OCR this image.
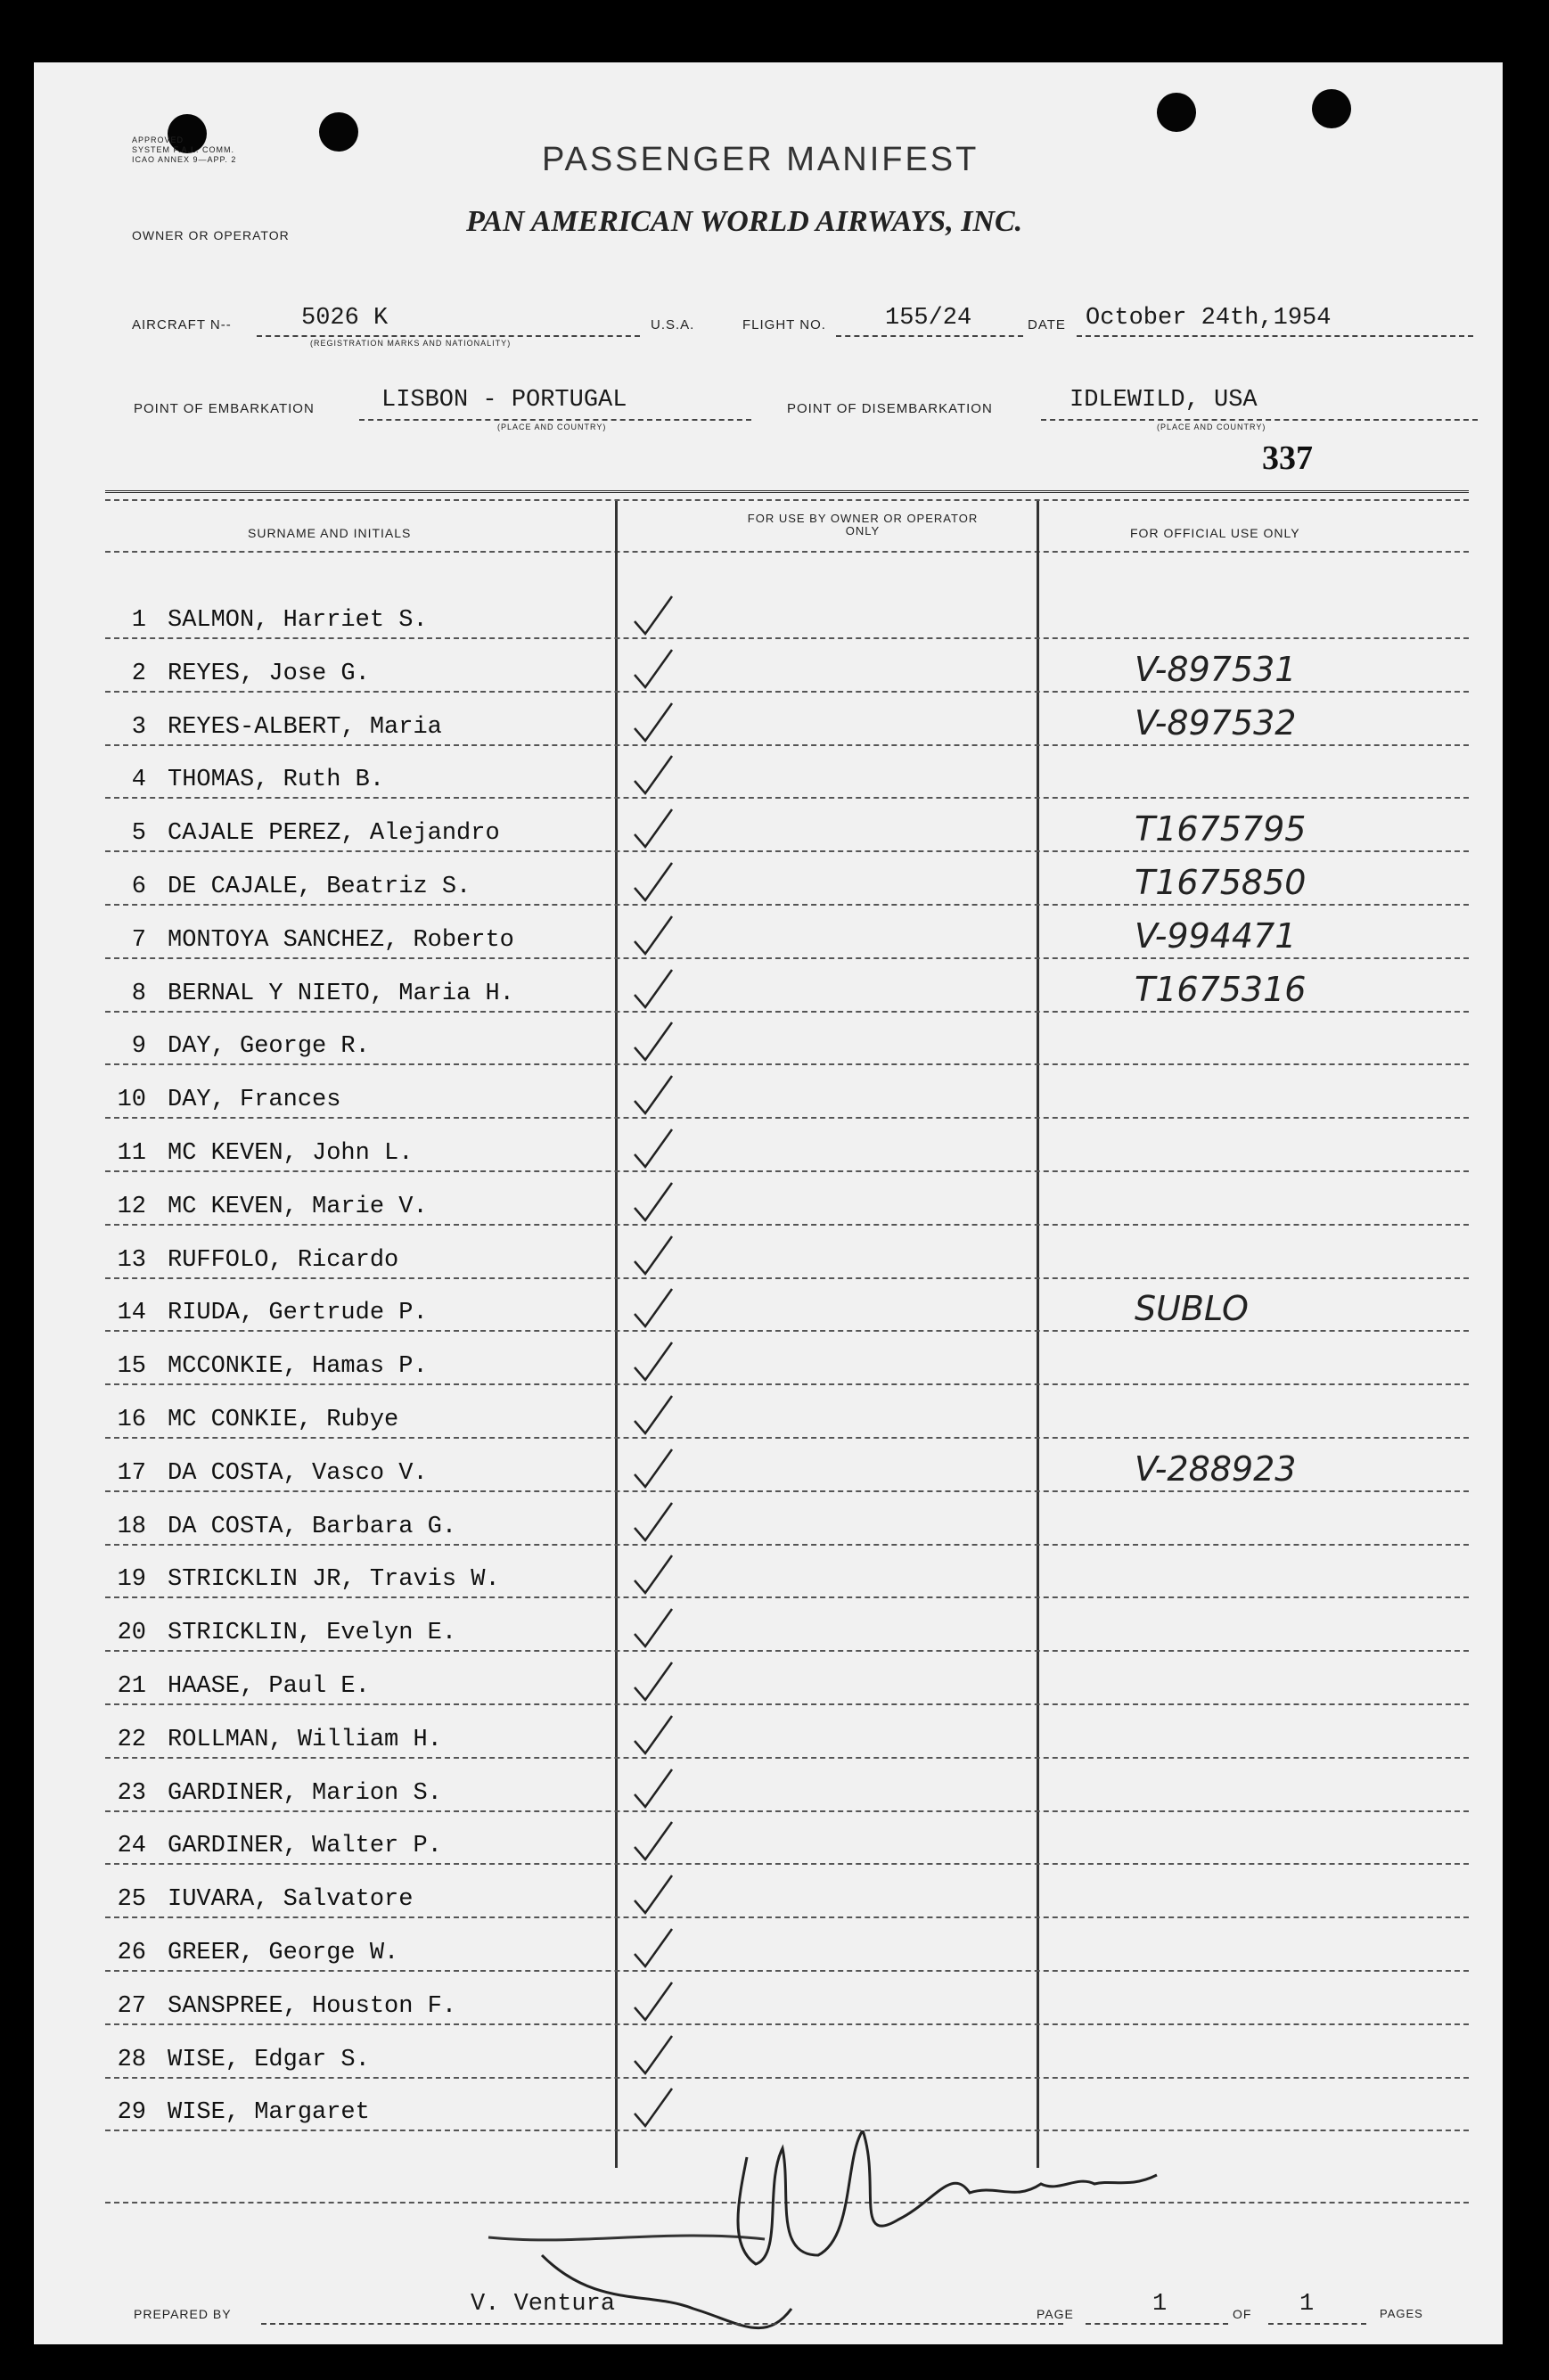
APPROVED
SYSTEM F.A.L. COMM.
ICAO ANNEX 9—APP. 2	PASSENGER MANIFEST
OWNER OR OPERATOR	PAN AMERICAN WORLD AIRWAYS, INC.
AIRCRAFT N--	5026 K
(REGISTRATION MARKS AND NATIONALITY)
U.S.A.	FLIGHT NO. 155/24	DATE October 24th,1954
POINT OF EMBARKATION	LISBON - PORTUGAL
(PLACE AND COUNTRY)
POINT OF DISEMBARKATION	IDLEWILD, USA
(PLACE AND COUNTRY)
337
SURNAME AND INITIALS
FOR USE BY OWNER OR OPERATOR ONLY	FOR OFFICIAL USE ONLY
1 SALMON, Harriet S.
2 REYES, Jose G.	V-897531
3 REYES-ALBERT, Maria	V-897532
4 THOMAS, Ruth B.
5 CAJALE PEREZ, Alejandro	T1675795
6 DE CAJALE, Beatriz S.	T1675850
7 MONTOYA SANCHEZ, Roberto	V-994471
8 BERNAL Y NIETO, Maria H.	T1675316
9 DAY, George R.
10 DAY, Frances
11 MC KEVEN, John L.
12 MC KEVEN, Marie V.
13 RUFFOLO, Ricardo
14 RIUDA, Gertrude P.	SUBLO
15 MCCONKIE, Hamas P.
16 MC CONKIE, Rubye
17 DA COSTA, Vasco V.	V-288923
18 DA COSTA, Barbara G.
19 STRICKLIN JR, Travis W.
20 STRICKLIN, Evelyn E.
21 HAASE, Paul E.
22 ROLLMAN, William H.
23 GARDINER, Marion S.
24 GARDINER, Walter P.
25 IUVARA, Salvatore
26 GREER, George W.
27 SANSPREE, Houston F.
28 WISE, Edgar S.
29 WISE, Margaret
PREPARED BY	V. Ventura	PAGE	1	OF 1	PAGES
